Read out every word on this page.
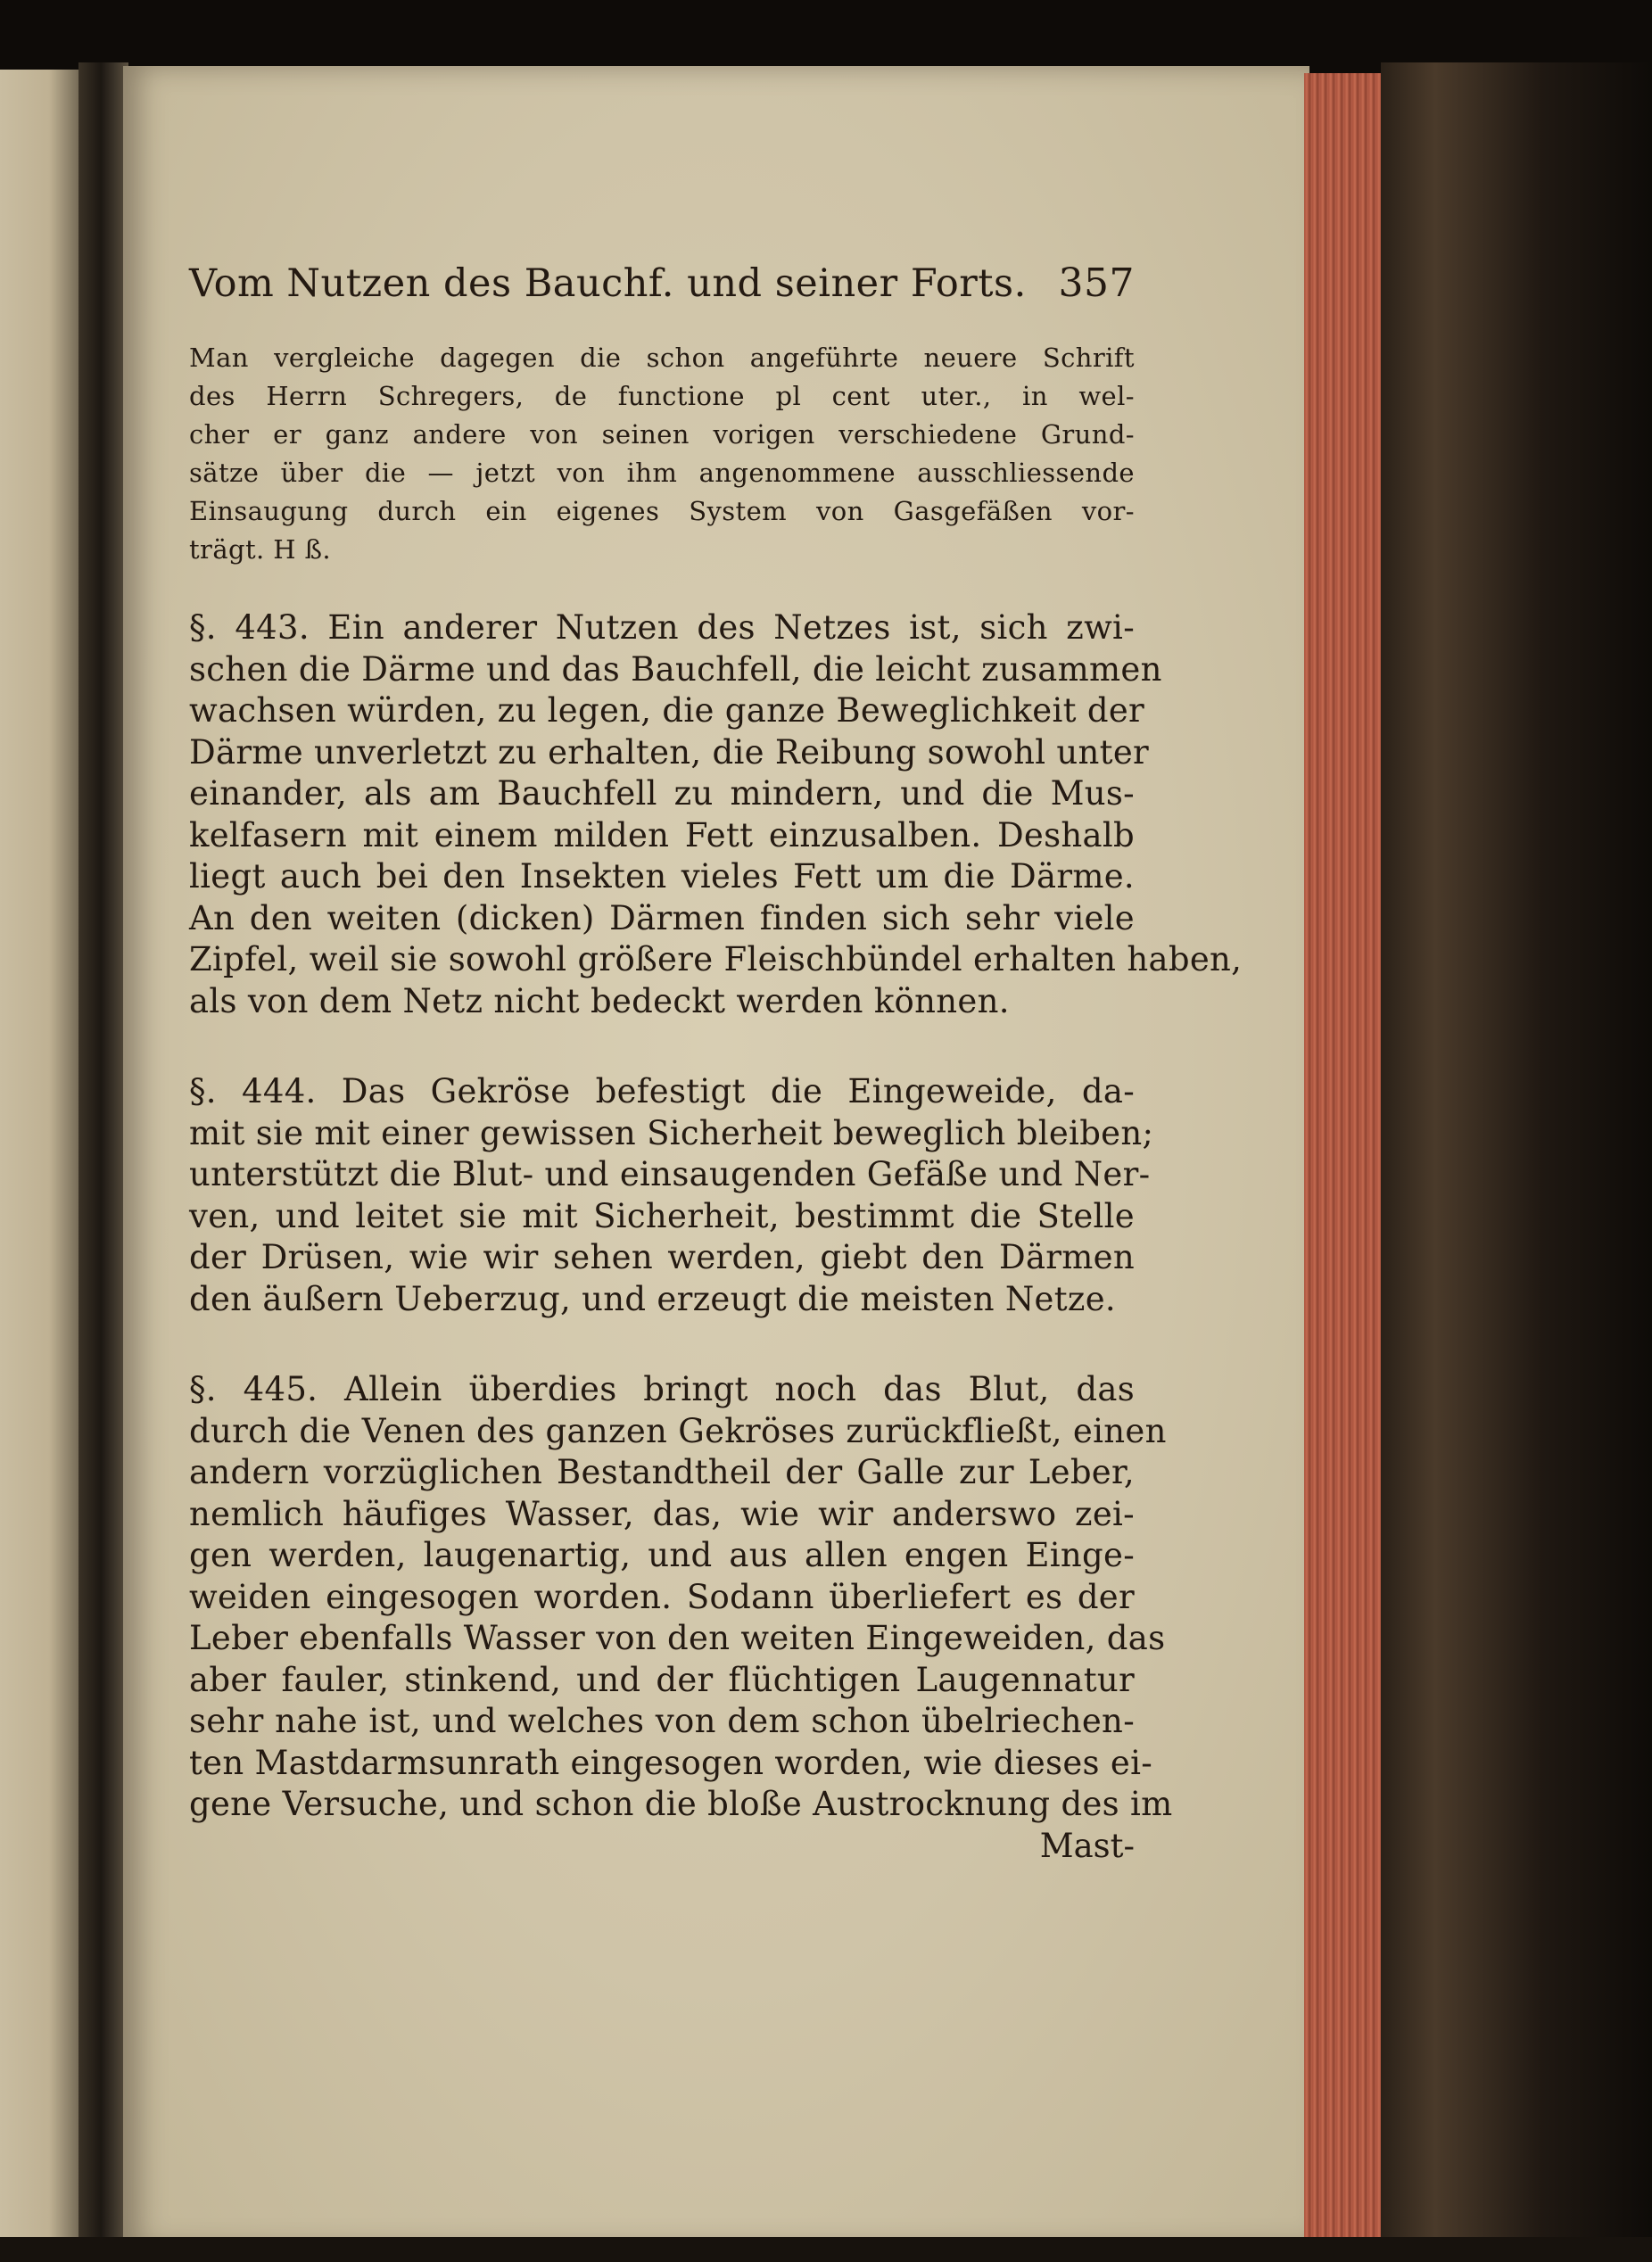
Vom Nutzen des Bauchf. und seiner Forts. 357
Man vergleiche dagegen die schon angeführte neuere Schrift
des Herrn Schregers, de functione pl cent uter., in wel-
cher er ganz andere von seinen vorigen verschiedene Grund-
sätze über die — jetzt von ihm angenommene ausschliessende
Einsaugung durch ein eigenes System von Gasgefäßen vor-
trägt. H ß.
§. 443. Ein anderer Nutzen des Netzes ist, sich zwi-
schen die Därme und das Bauchfell, die leicht zusammen
wachsen würden, zu legen, die ganze Beweglichkeit der
Därme unverletzt zu erhalten, die Reibung sowohl unter
einander, als am Bauchfell zu mindern, und die Mus-
kelfasern mit einem milden Fett einzusalben. Deshalb
liegt auch bei den Insekten vieles Fett um die Därme.
An den weiten (dicken) Därmen finden sich sehr viele
Zipfel, weil sie sowohl größere Fleischbündel erhalten haben,
als von dem Netz nicht bedeckt werden können.
§. 444. Das Gekröse befestigt die Eingeweide, da-
mit sie mit einer gewissen Sicherheit beweglich bleiben;
unterstützt die Blut- und einsaugenden Gefäße und Ner-
ven, und leitet sie mit Sicherheit, bestimmt die Stelle
der Drüsen, wie wir sehen werden, giebt den Därmen
den äußern Ueberzug, und erzeugt die meisten Netze.
§. 445. Allein überdies bringt noch das Blut, das
durch die Venen des ganzen Gekröses zurückfließt, einen
andern vorzüglichen Bestandtheil der Galle zur Leber,
nemlich häufiges Wasser, das, wie wir anderswo zei-
gen werden, laugenartig, und aus allen engen Einge-
weiden eingesogen worden. Sodann überliefert es der
Leber ebenfalls Wasser von den weiten Eingeweiden, das
aber fauler, stinkend, und der flüchtigen Laugennatur
sehr nahe ist, und welches von dem schon übelriechen-
ten Mastdarmsunrath eingesogen worden, wie dieses ei-
gene Versuche, und schon die bloße Austrocknung des im
Mast-
